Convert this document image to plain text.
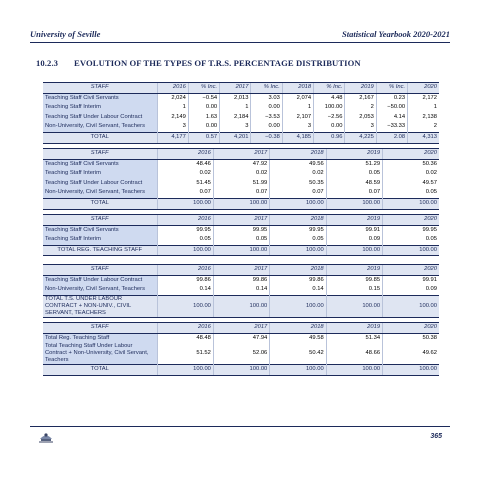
University of Seville	Statistical Yearbook 2020-2021
10.2.3 EVOLUTION OF THE TYPES OF T.R.S. PERCENTAGE DISTRIBUTION
STAFF	2016	% Inc.	2017	% Inc.	2018	% Inc.	2019	% Inc.	2020
Teaching Staff Civil Servants	2,024	−0.54	2,013	3.03	2,074	4.48	2,167	0.23	2,172
Teaching Staff Interim	1	0.00	1	0.00	1	100.00	2	−50.00	1
Teaching Staff Under Labour Contract	2,149	1.63	2,184	−3.53	2,107	−2.56	2,053	4.14	2,138
Non-University, Civil Servant, Teachers	3	0.00	3	0.00	3	0.00	3	−33.33	2
TOTAL	4,177	0.57	4,201	−0.38	4,185	0.96	4,225	2.08	4,313
STAFF	2016	2017	2018	2019	2020
Teaching Staff Civil Servants	48.46	47.92	49.56	51.29	50.36
Teaching Staff Interim	0.02	0.02	0.02	0.05	0.02
Teaching Staff Under Labour Contract	51.45	51.99	50.35	48.59	49.57
Non-University, Civil Servant, Teachers	0.07	0.07	0.07	0.07	0.05
TOTAL	100.00	100.00	100.00	100.00	100.00
STAFF	2016	2017	2018	2019	2020
Teaching Staff Civil Servants	99.95	99.95	99.95	99.91	99.95
Teaching Staff Interim	0.05	0.05	0.05	0.09	0.05
TOTAL REG. TEACHING STAFF	100.00	100.00	100.00	100.00	100.00
STAFF	2016	2017	2018	2019	2020
Teaching Staff Under Labour Contract	99.86	99.86	99.86	99.85	99.91
Non-University, Civil Servant, Teachers	0.14	0.14	0.14	0.15	0.09
TOTAL T.S. UNDER LABOUR CONTRACT + NON-UNIV., CIVIL SERVANT, TEACHERS	100.00	100.00	100.00	100.00	100.00
STAFF	2016	2017	2018	2019	2020
Total Reg. Teaching Staff	48.48	47.94	49.58	51.34	50.38
Total Teaching Staff Under Labour Contract + Non-University, Civil Servant, Teachers	51.52	52.06	50.42	48.66	49.62
TOTAL	100.00	100.00	100.00	100.00	100.00
365
